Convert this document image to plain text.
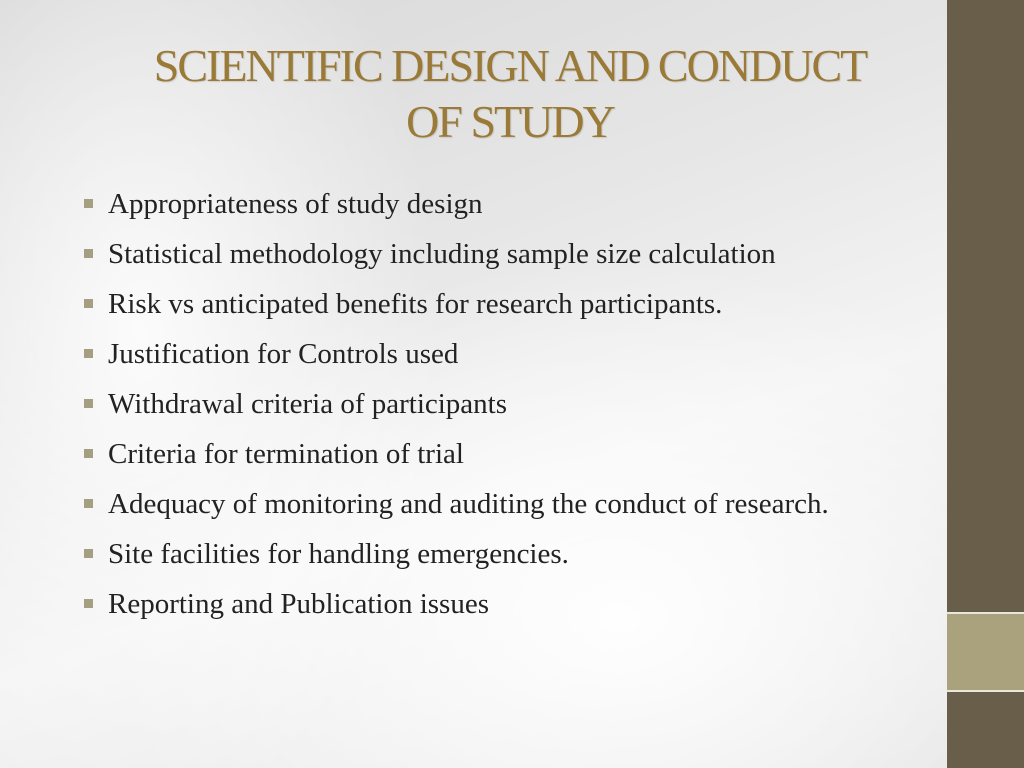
SCIENTIFIC DESIGN AND CONDUCT
OF STUDY
Appropriateness of study design
Statistical methodology including sample size calculation
Risk vs anticipated benefits for research participants.
Justification for Controls used
Withdrawal criteria of participants
Criteria for termination of trial
Adequacy of monitoring and auditing the conduct of research.
Site facilities for handling emergencies.
Reporting and Publication issues
